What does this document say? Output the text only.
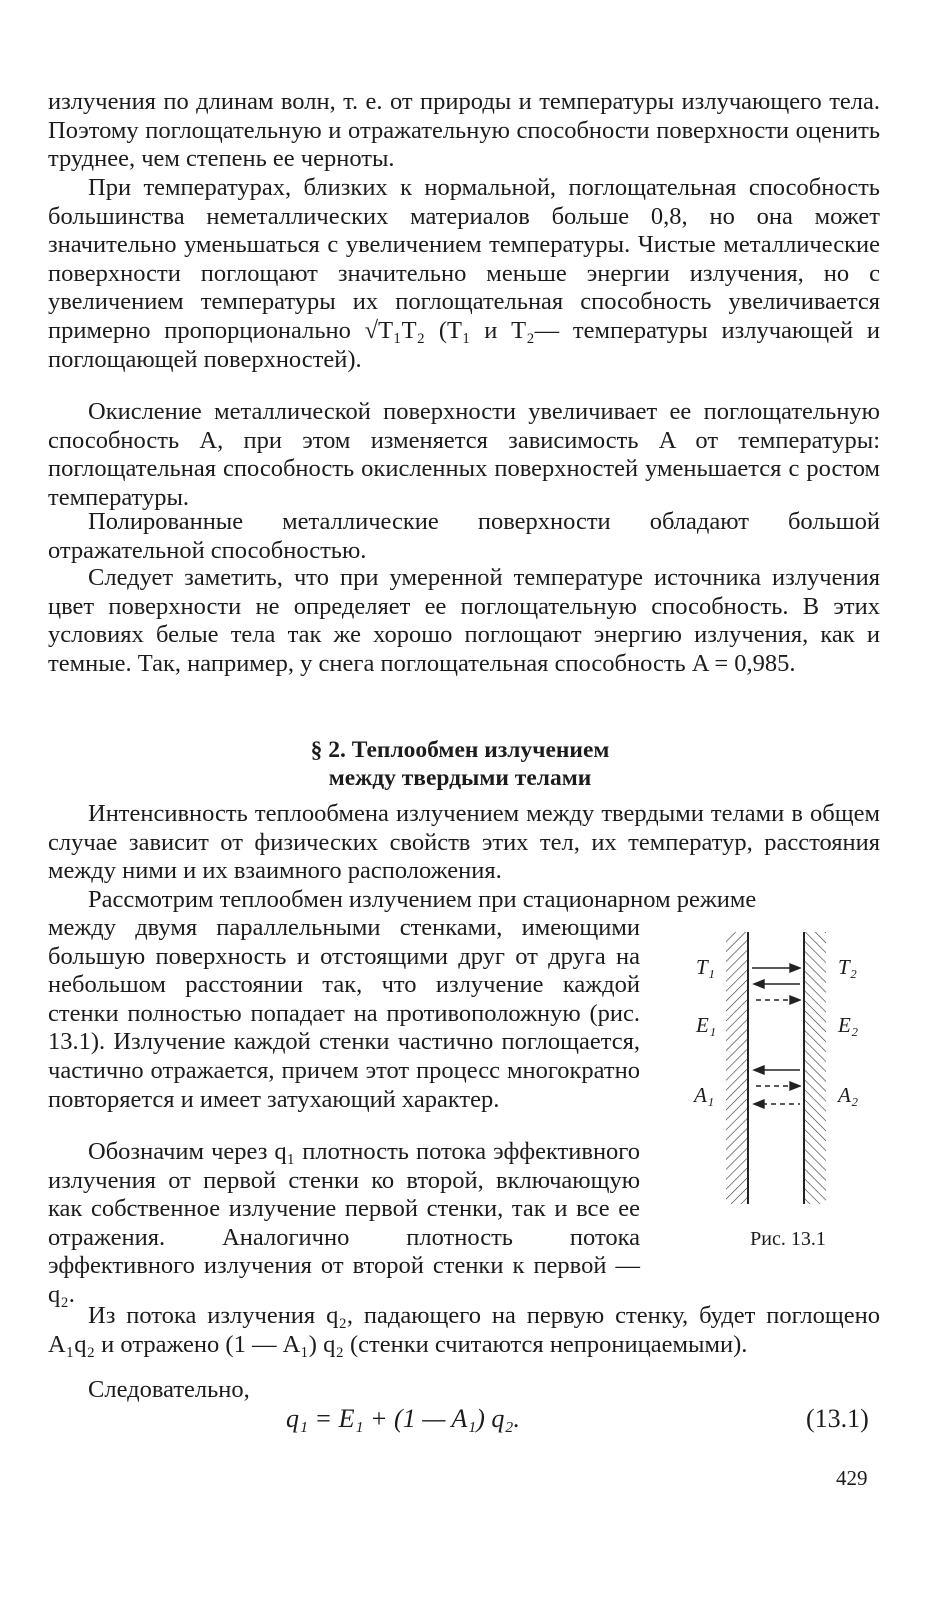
излучения по длинам волн, т. е. от природы и температуры излучающего тела. Поэтому поглощательную и отражательную способности поверхности оценить труднее, чем степень ее черноты.

При температурах, близких к нормальной, поглощательная способность большинства неметаллических материалов больше 0,8, но она может значительно уменьшаться с увеличением температуры. Чистые металлические поверхности поглощают значительно меньше энергии излучения, но с увеличением температуры их поглощательная способность увеличивается примерно пропорционально √T₁T₂ (T₁ и T₂— температуры излучающей и поглощающей поверхностей).

Окисление металлической поверхности увеличивает ее поглощательную способность A, при этом изменяется зависимость A от температуры: поглощательная способность окисленных поверхностей уменьшается с ростом температуры.

Полированные металлические поверхности обладают большой отражательной способностью.

Следует заметить, что при умеренной температуре источника излучения цвет поверхности не определяет ее поглощательную способность. В этих условиях белые тела так же хорошо поглощают энергию излучения, как и темные. Так, например, у снега поглощательная способность A = 0,985.

§ 2. Теплообмен излучением
между твердыми телами

Интенсивность теплообмена излучением между твердыми телами в общем случае зависит от физических свойств этих тел, их температур, расстояния между ними и их взаимного расположения.

Рассмотрим теплообмен излучением при стационарном режиме

между двумя параллельными стенками, имеющими большую поверхность и отстоящими друг от друга на небольшом расстоянии так, что излучение каждой стенки полностью попадает на противоположную (рис. 13.1). Излучение каждой стенки частично поглощается, частично отражается, причем этот процесс многократно повторяется и имеет затухающий характер.

Обозначим через q₁ плотность потока эффективного излучения от первой стенки ко второй, включающую как собственное излучение первой стенки, так и все ее отражения. Аналогично плотность потока эффективного излучения от второй стенки к первой — q₂.

Из потока излучения q₂, падающего на первую стенку, будет поглощено A₁q₂ и отражено (1 — A₁) q₂ (стенки считаются непроницаемыми).

Следовательно,

q₁ = E₁ + (1 — A₁) q₂.	(13.1)
T₁
E₁
A₁
T₂
E₂
A₂
Рис. 13.1
429
